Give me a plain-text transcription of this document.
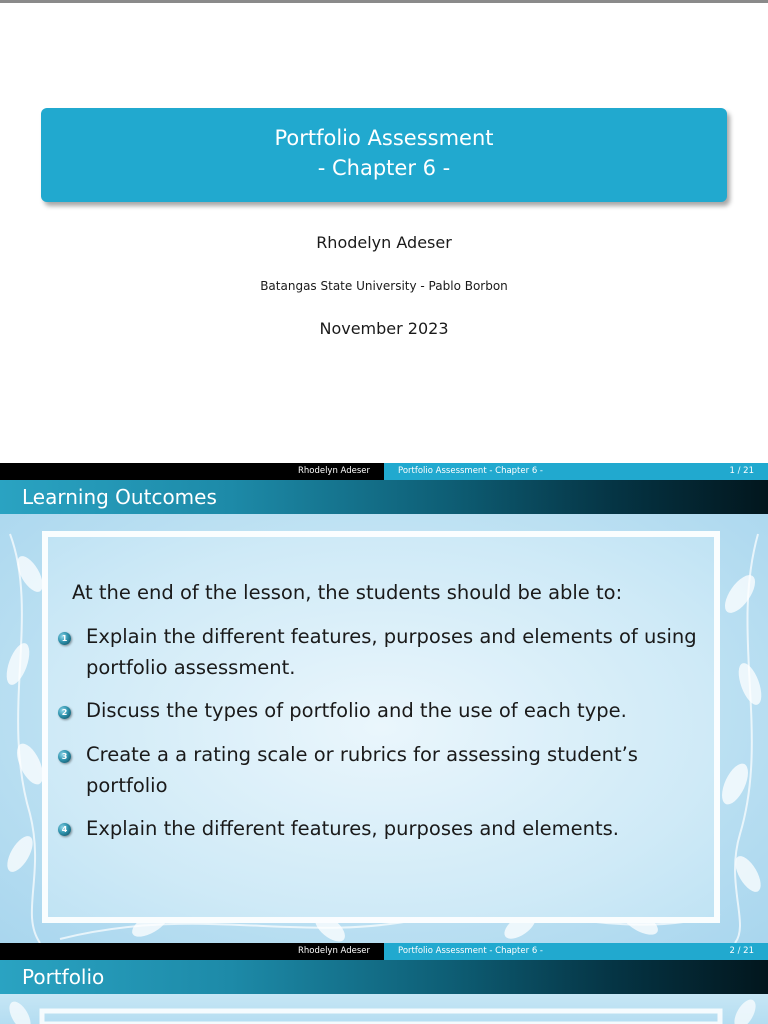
Portfolio Assessment
- Chapter 6 -
Rhodelyn Adeser
Batangas State University - Pablo Borbon
November 2023
Rhodelyn Adeser	Portfolio Assessment - Chapter 6 -	1 / 21
Learning Outcomes
At the end of the lesson, the students should be able to:
1 Explain the different features, purposes and elements of using
portfolio assessment.
2 Discuss the types of portfolio and the use of each type.
3 Create a a rating scale or rubrics for assessing student’s
portfolio
4 Explain the different features, purposes and elements.
Rhodelyn Adeser	Portfolio Assessment - Chapter 6 -	2 / 21
Portfolio
